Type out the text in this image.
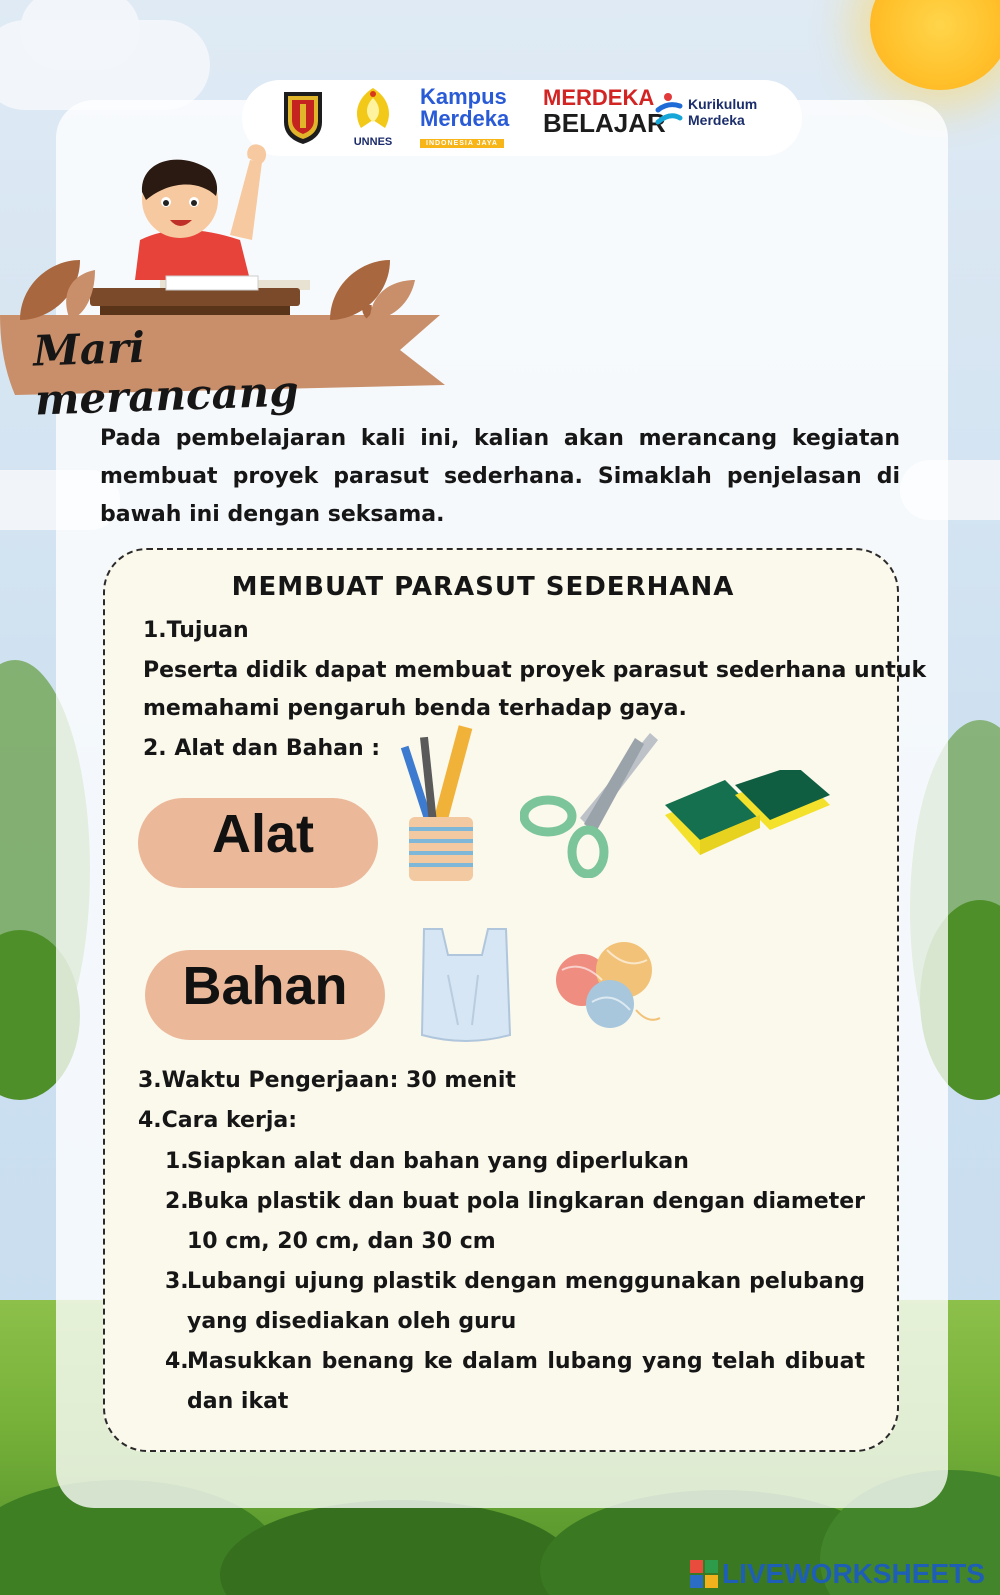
UNNES
Kampus
Merdeka
INDONESIA JAYA
MERDEKA
BELAJAR
Kurikulum
Merdeka
Mari merancang
Pada pembelajaran kali ini, kalian akan merancang kegiatan membuat proyek parasut sederhana. Simaklah penjelasan di bawah ini dengan seksama.
MEMBUAT PARASUT SEDERHANA
1.Tujuan
Peserta didik dapat membuat proyek parasut sederhana untuk
memahami pengaruh benda terhadap gaya.
2. Alat dan Bahan :
Alat
Bahan
3.Waktu Pengerjaan: 30 menit
4.Cara kerja:
1.
Siapkan alat dan bahan yang diperlukan
2.
Buka plastik dan buat pola lingkaran dengan diameter 10 cm, 20 cm, dan 30 cm
3.
Lubangi ujung plastik dengan menggunakan pelubang yang disediakan oleh guru
4.
Masukkan benang ke dalam lubang yang telah dibuat dan ikat
LIVEWORKSHEETS
